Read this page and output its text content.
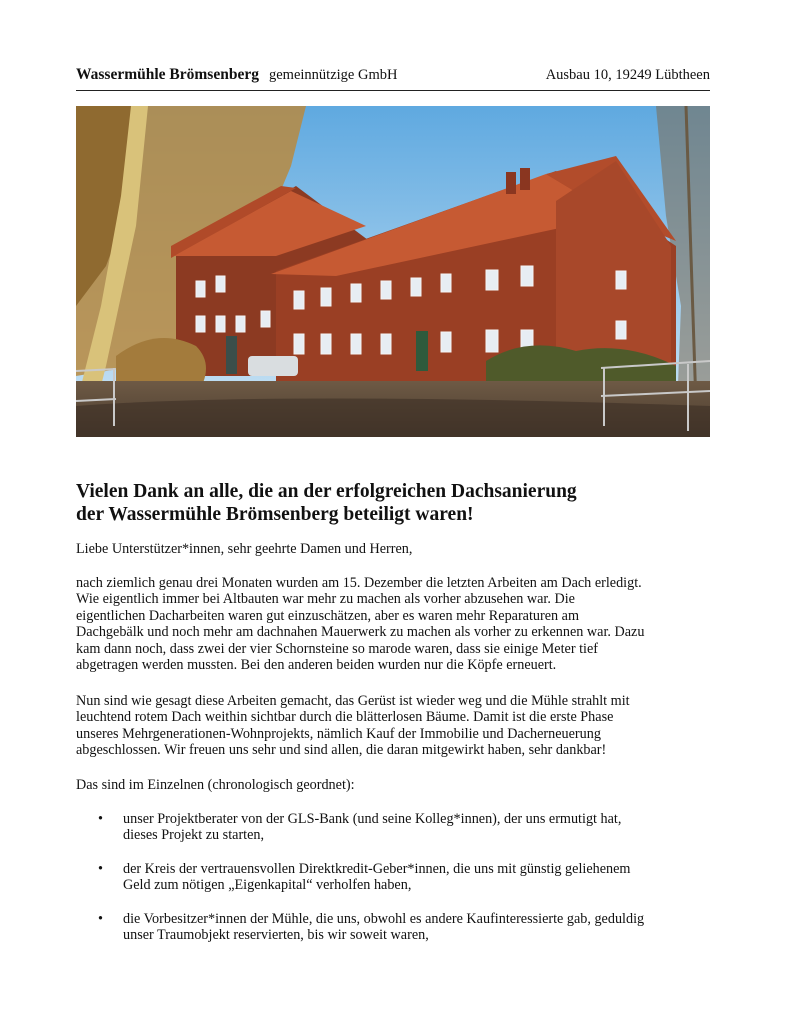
Wassermühle Brömsenberg gemeinnützige GmbH	Ausbau 10, 19249 Lübtheen
Vielen Dank an alle, die an der erfolgreichen Dachsanierung
der Wassermühle Brömsenberg beteiligt waren!

Liebe Unterstützer*innen, sehr geehrte Damen und Herren,

nach ziemlich genau drei Monaten wurden am 15. Dezember die letzten Arbeiten am Dach erledigt.
Wie eigentlich immer bei Altbauten war mehr zu machen als vorher abzusehen war. Die
eigentlichen Dacharbeiten waren gut einzuschätzen, aber es waren mehr Reparaturen am
Dachgebälk und noch mehr am dachnahen Mauerwerk zu machen als vorher zu erkennen war. Dazu
kam dann noch, dass zwei der vier Schornsteine so marode waren, dass sie einige Meter tief
abgetragen werden mussten. Bei den anderen beiden wurden nur die Köpfe erneuert.

Nun sind wie gesagt diese Arbeiten gemacht, das Gerüst ist wieder weg und die Mühle strahlt mit
leuchtend rotem Dach weithin sichtbar durch die blätterlosen Bäume. Damit ist die erste Phase
unseres Mehrgenerationen-Wohnprojekts, nämlich Kauf der Immobilie und Dacherneuerung
abgeschlossen. Wir freuen uns sehr und sind allen, die daran mitgewirkt haben, sehr dankbar!

Das sind im Einzelnen (chronologisch geordnet):

• unser Projektberater von der GLS-Bank (und seine Kolleg*innen), der uns ermutigt hat,
dieses Projekt zu starten,
• der Kreis der vertrauensvollen Direktkredit-Geber*innen, die uns mit günstig geliehenem
Geld zum nötigen „Eigenkapital“ verholfen haben,
• die Vorbesitzer*innen der Mühle, die uns, obwohl es andere Kaufinteressierte gab, geduldig
unser Traumobjekt reservierten, bis wir soweit waren,
